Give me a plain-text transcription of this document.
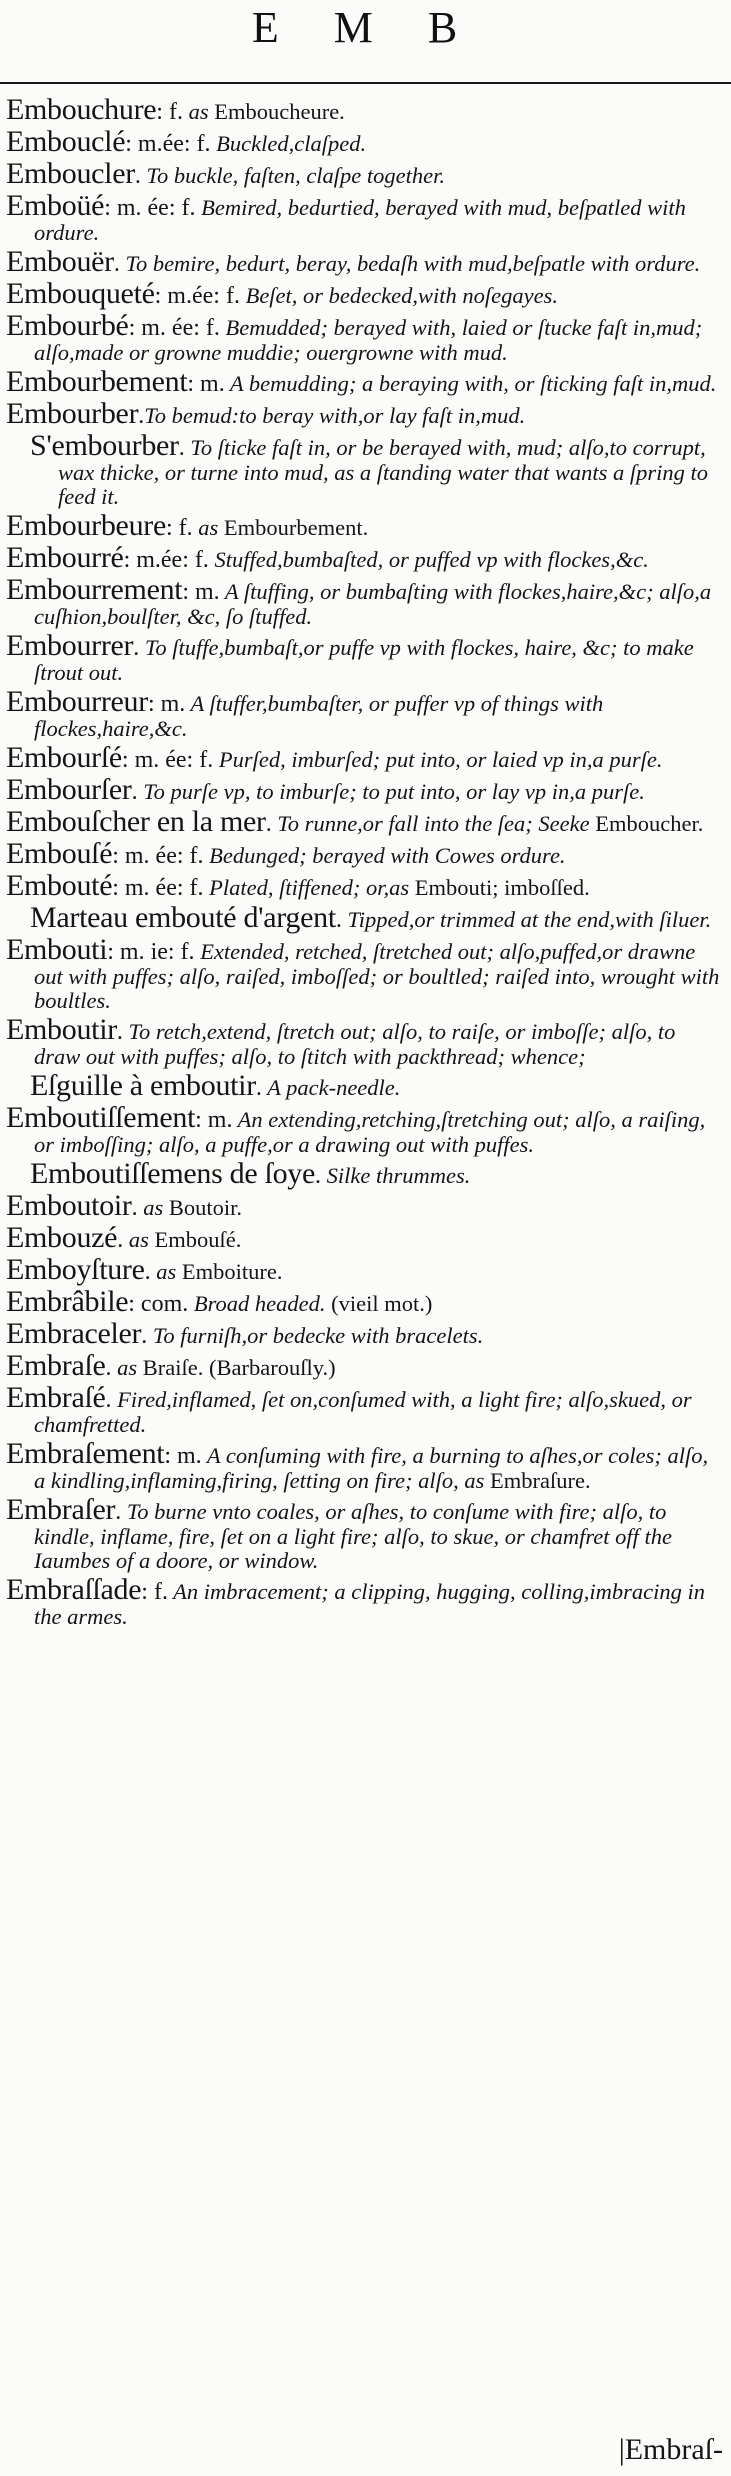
E M B
Embouchure: f. as Emboucheure.
Embouclé: m.ée: f. Buckled,claſped.
Emboucler. To buckle, faſten, claſpe together.
Emboüé: m. ée: f. Bemired, bedurtied, berayed with mud, beſpatled with ordure.
Embouër. To bemire, bedurt, beray, bedaſh with mud,beſpatle with ordure.
Embouqueté: m.ée: f. Beſet, or bedecked,with noſegayes.
Embourbé: m. ée: f. Bemudded; berayed with, laied or ſtucke faſt in,mud; alſo,made or growne muddie; ouergrowne with mud.
Embourbement: m. A bemudding; a beraying with, or ſticking faſt in,mud.
Embourber.To bemud:to beray with,or lay faſt in,mud.
S'embourber. To ſticke faſt in, or be berayed with, mud; alſo,to corrupt, wax thicke, or turne into mud, as a ſtanding water that wants a ſpring to feed it.
Embourbeure: f. as Embourbement.
Embourré: m.ée: f. Stuffed,bumbaſted, or puffed vp with flockes,&c.
Embourrement: m. A ſtuffing, or bumbaſting with flockes,haire,&c; alſo,a cuſhion,boulſter, &c, ſo ſtuffed.
Embourrer. To ſtuffe,bumbaſt,or puffe vp with flockes, haire, &c; to make ſtrout out.
Embourreur: m. A ſtuffer,bumbaſter, or puffer vp of things with flockes,haire,&c.
Embourſé: m. ée: f. Purſed, imburſed; put into, or laied vp in,a purſe.
Embourſer. To purſe vp, to imburſe; to put into, or lay vp in,a purſe.
Embouſcher en la mer. To runne,or fall into the ſea; Seeke Emboucher.
Embouſé: m. ée: f. Bedunged; berayed with Cowes ordure.
Embouté: m. ée: f. Plated, ſtiffened; or,as Embouti; imboſſed.
Marteau embouté d'argent. Tipped,or trimmed at the end,with ſiluer.
Embouti: m. ie: f. Extended, retched, ſtretched out; alſo,puffed,or drawne out with puffes; alſo, raiſed, imboſſed; or boultled; raiſed into, wrought with boultles.
Emboutir. To retch,extend, ſtretch out; alſo, to raiſe, or imboſſe; alſo, to draw out with puffes; alſo, to ſtitch with packthread; whence;
Eſguille à emboutir. A pack-needle.
Emboutiſſement: m. An extending,retching,ſtretching out; alſo, a raiſing, or imboſſing; alſo, a puffe,or a drawing out with puffes.
Emboutiſſemens de ſoye. Silke thrummes.
Emboutoir. as Boutoir.
Embouzé. as Embouſé.
Emboyſture. as Emboiture.
Embrâbile: com. Broad headed. (vieil mot.)
Embraceler. To furniſh,or bedecke with bracelets.
Embraſe. as Braiſe. (Barbarouſly.)
Embraſé. Fired,inflamed, ſet on,conſumed with, a light fire; alſo,skued, or chamfretted.
Embraſement: m. A conſuming with fire, a burning to aſhes,or coles; alſo, a kindling,inflaming,firing, ſetting on fire; alſo, as Embraſure.
Embraſer. To burne vnto coales, or aſhes, to conſume with fire; alſo, to kindle, inflame, fire, ſet on a light fire; alſo, to skue, or chamfret off the Iaumbes of a doore, or window.
Embraſſade: f. An imbracement; a clipping, hugging, colling,imbracing in the armes.
|Embraſ-
